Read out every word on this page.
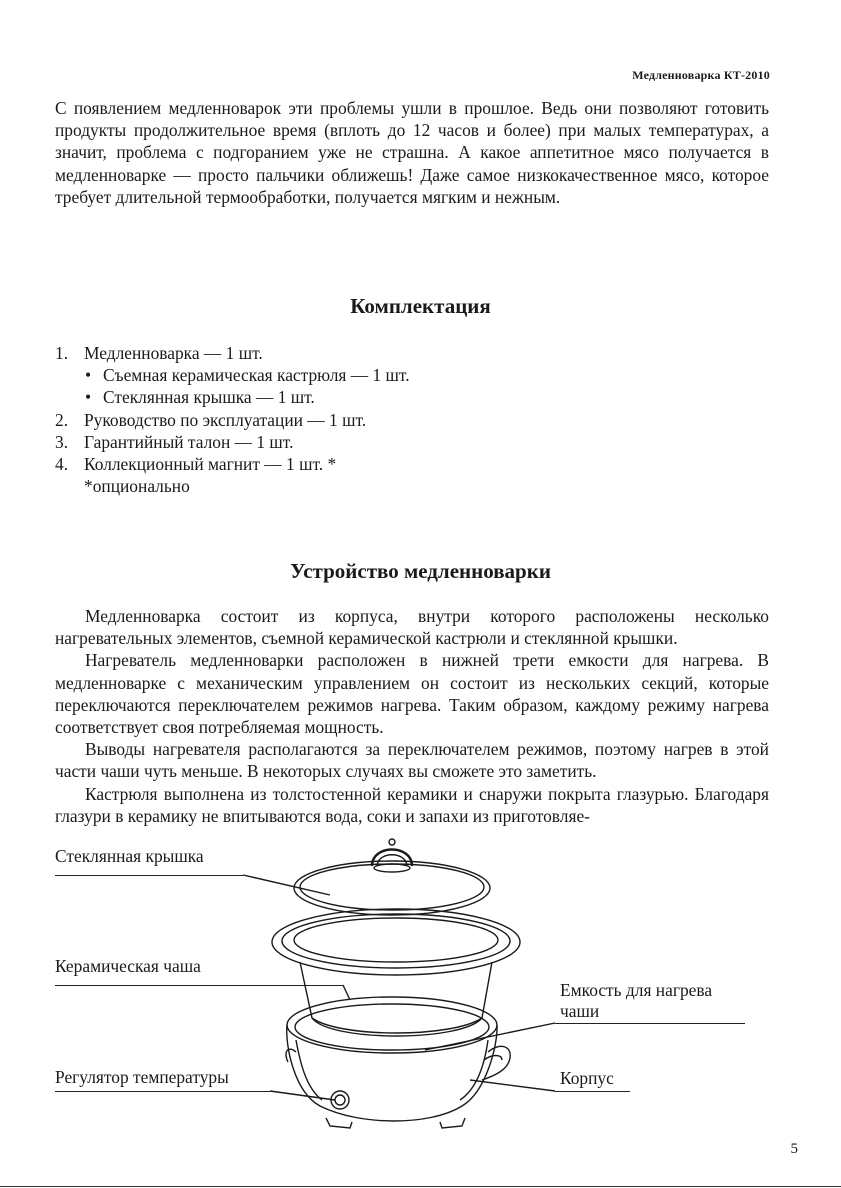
Медленноварка КТ-2010

С появлением медленноварок эти проблемы ушли в прошлое. Ведь они позволяют готовить продукты продолжительное время (вплоть до 12 часов и более) при малых температурах, а значит, проблема с подгоранием уже не страшна. А какое аппетитное мясо получается в медленноварке — просто пальчики оближешь! Даже самое низкокачественное мясо, которое требует длительной термообработки, получается мягким и нежным.

Комплектация
1. Медленноварка — 1 шт.
• Съемная керамическая кастрюля — 1 шт.
• Стеклянная крышка — 1 шт.
2. Руководство по эксплуатации — 1 шт.
3. Гарантийный талон — 1 шт.
4. Коллекционный магнит — 1 шт. *
*опционально
Устройство медленноварки

Медленноварка состоит из корпуса, внутри которого расположены несколько нагревательных элементов, съемной керамической кастрюли и стеклянной крышки.

Нагреватель медленноварки расположен в нижней трети емкости для нагрева. В медленноварке с механическим управлением он состоит из нескольких секций, которые переключаются переключателем режимов нагрева. Таким образом, каждому режиму нагрева соответствует своя потребляемая мощность.

Выводы нагревателя располагаются за переключателем режимов, поэтому нагрев в этой части чаши чуть меньше. В некоторых случаях вы сможете это заметить.

Кастрюля выполнена из толстостенной керамики и снаружи покрыта глазурью. Благодаря глазури в керамику не впитываются вода, соки и запахи из приготовляе-

Стеклянная крышка

Керамическая чаша

Регулятор температуры

Емкость для нагрева

чаши

Корпус

5
